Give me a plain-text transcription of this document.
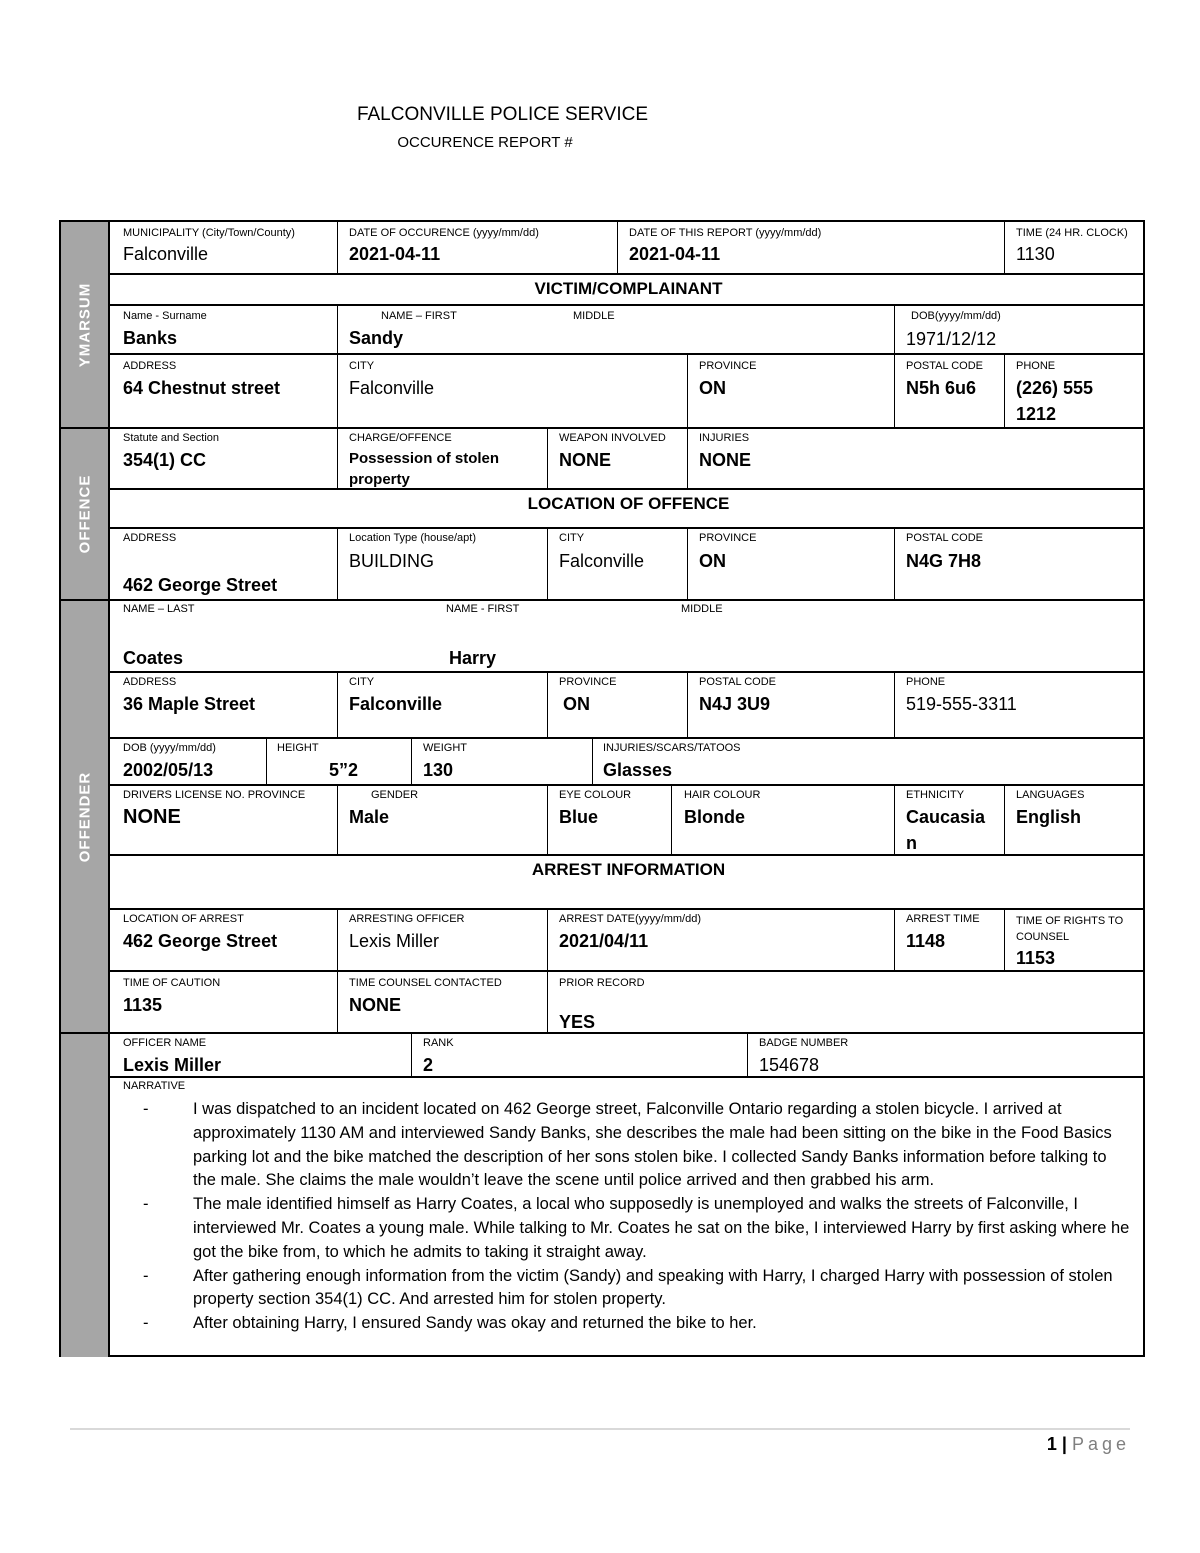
FALCONVILLE POLICE SERVICE
OCCURENCE REPORT #
YMARSUM
OFFENCE
OFFENDER
MUNICIPALITY (City/Town/County)
Falconville
DATE OF OCCURENCE (yyyy/mm/dd)
2021-04-11
DATE OF THIS REPORT (yyyy/mm/dd)
2021-04-11
TIME (24 HR. CLOCK)
1130
VICTIM/COMPLAINANT
Name - Surname
Banks
NAME – FIRST
Sandy
MIDDLE	DOB(yyyy/mm/dd)
1971/12/12
ADDRESS
64 Chestnut street
CITY
Falconville
PROVINCE
ON
POSTAL CODE
N5h 6u6
PHONE
(226) 555 1212
Statute and Section
354(1) CC
CHARGE/OFFENCE
Possession of stolen property
WEAPON INVOLVED
NONE
INJURIES
NONE
LOCATION OF OFFENCE
ADDRESS
462 George Street
Location Type (house/apt)
BUILDING
CITY
Falconville
PROVINCE
ON
POSTAL CODE
N4G 7H8
NAME – LAST
Coates
NAME - FIRST
Harry
MIDDLE
ADDRESS
36 Maple Street
CITY
Falconville
PROVINCE
ON
POSTAL CODE
N4J 3U9
PHONE
519-555-3311
DOB (yyyy/mm/dd)
2002/05/13
HEIGHT
5”2
WEIGHT
130
INJURIES/SCARS/TATOOS
Glasses
DRIVERS LICENSE NO. PROVINCE
NONE
GENDER
Male
EYE COLOUR
Blue
HAIR COLOUR
Blonde
ETHNICITY
Caucasian
LANGUAGES
English
ARREST INFORMATION
LOCATION OF ARREST
462 George Street
ARRESTING OFFICER
Lexis Miller
ARREST DATE(yyyy/mm/dd)
2021/04/11
ARREST TIME
1148
TIME OF RIGHTS TO COUNSEL
1153
TIME OF CAUTION
1135
TIME COUNSEL CONTACTED
NONE
PRIOR RECORD
YES
OFFICER NAME
Lexis Miller
RANK
2
BADGE NUMBER
154678
NARRATIVE
- I was dispatched to an incident located on 462 George street, Falconville Ontario regarding a stolen bicycle. I arrived at approximately 1130 AM and interviewed Sandy Banks, she describes the male had been sitting on the bike in the Food Basics parking lot and the bike matched the description of her sons stolen bike. I collected Sandy Banks information before talking to the male. She claims the male wouldn’t leave the scene until police arrived and then grabbed his arm.
- The male identified himself as Harry Coates, a local who supposedly is unemployed and walks the streets of Falconville, I interviewed Mr. Coates a young male. While talking to Mr. Coates he sat on the bike, I interviewed Harry by first asking where he got the bike from, to which he admits to taking it straight away.
- After gathering enough information from the victim (Sandy) and speaking with Harry, I charged Harry with possession of stolen property section 354(1) CC. And arrested him for stolen property.
- After obtaining Harry, I ensured Sandy was okay and returned the bike to her.
1 | Page
